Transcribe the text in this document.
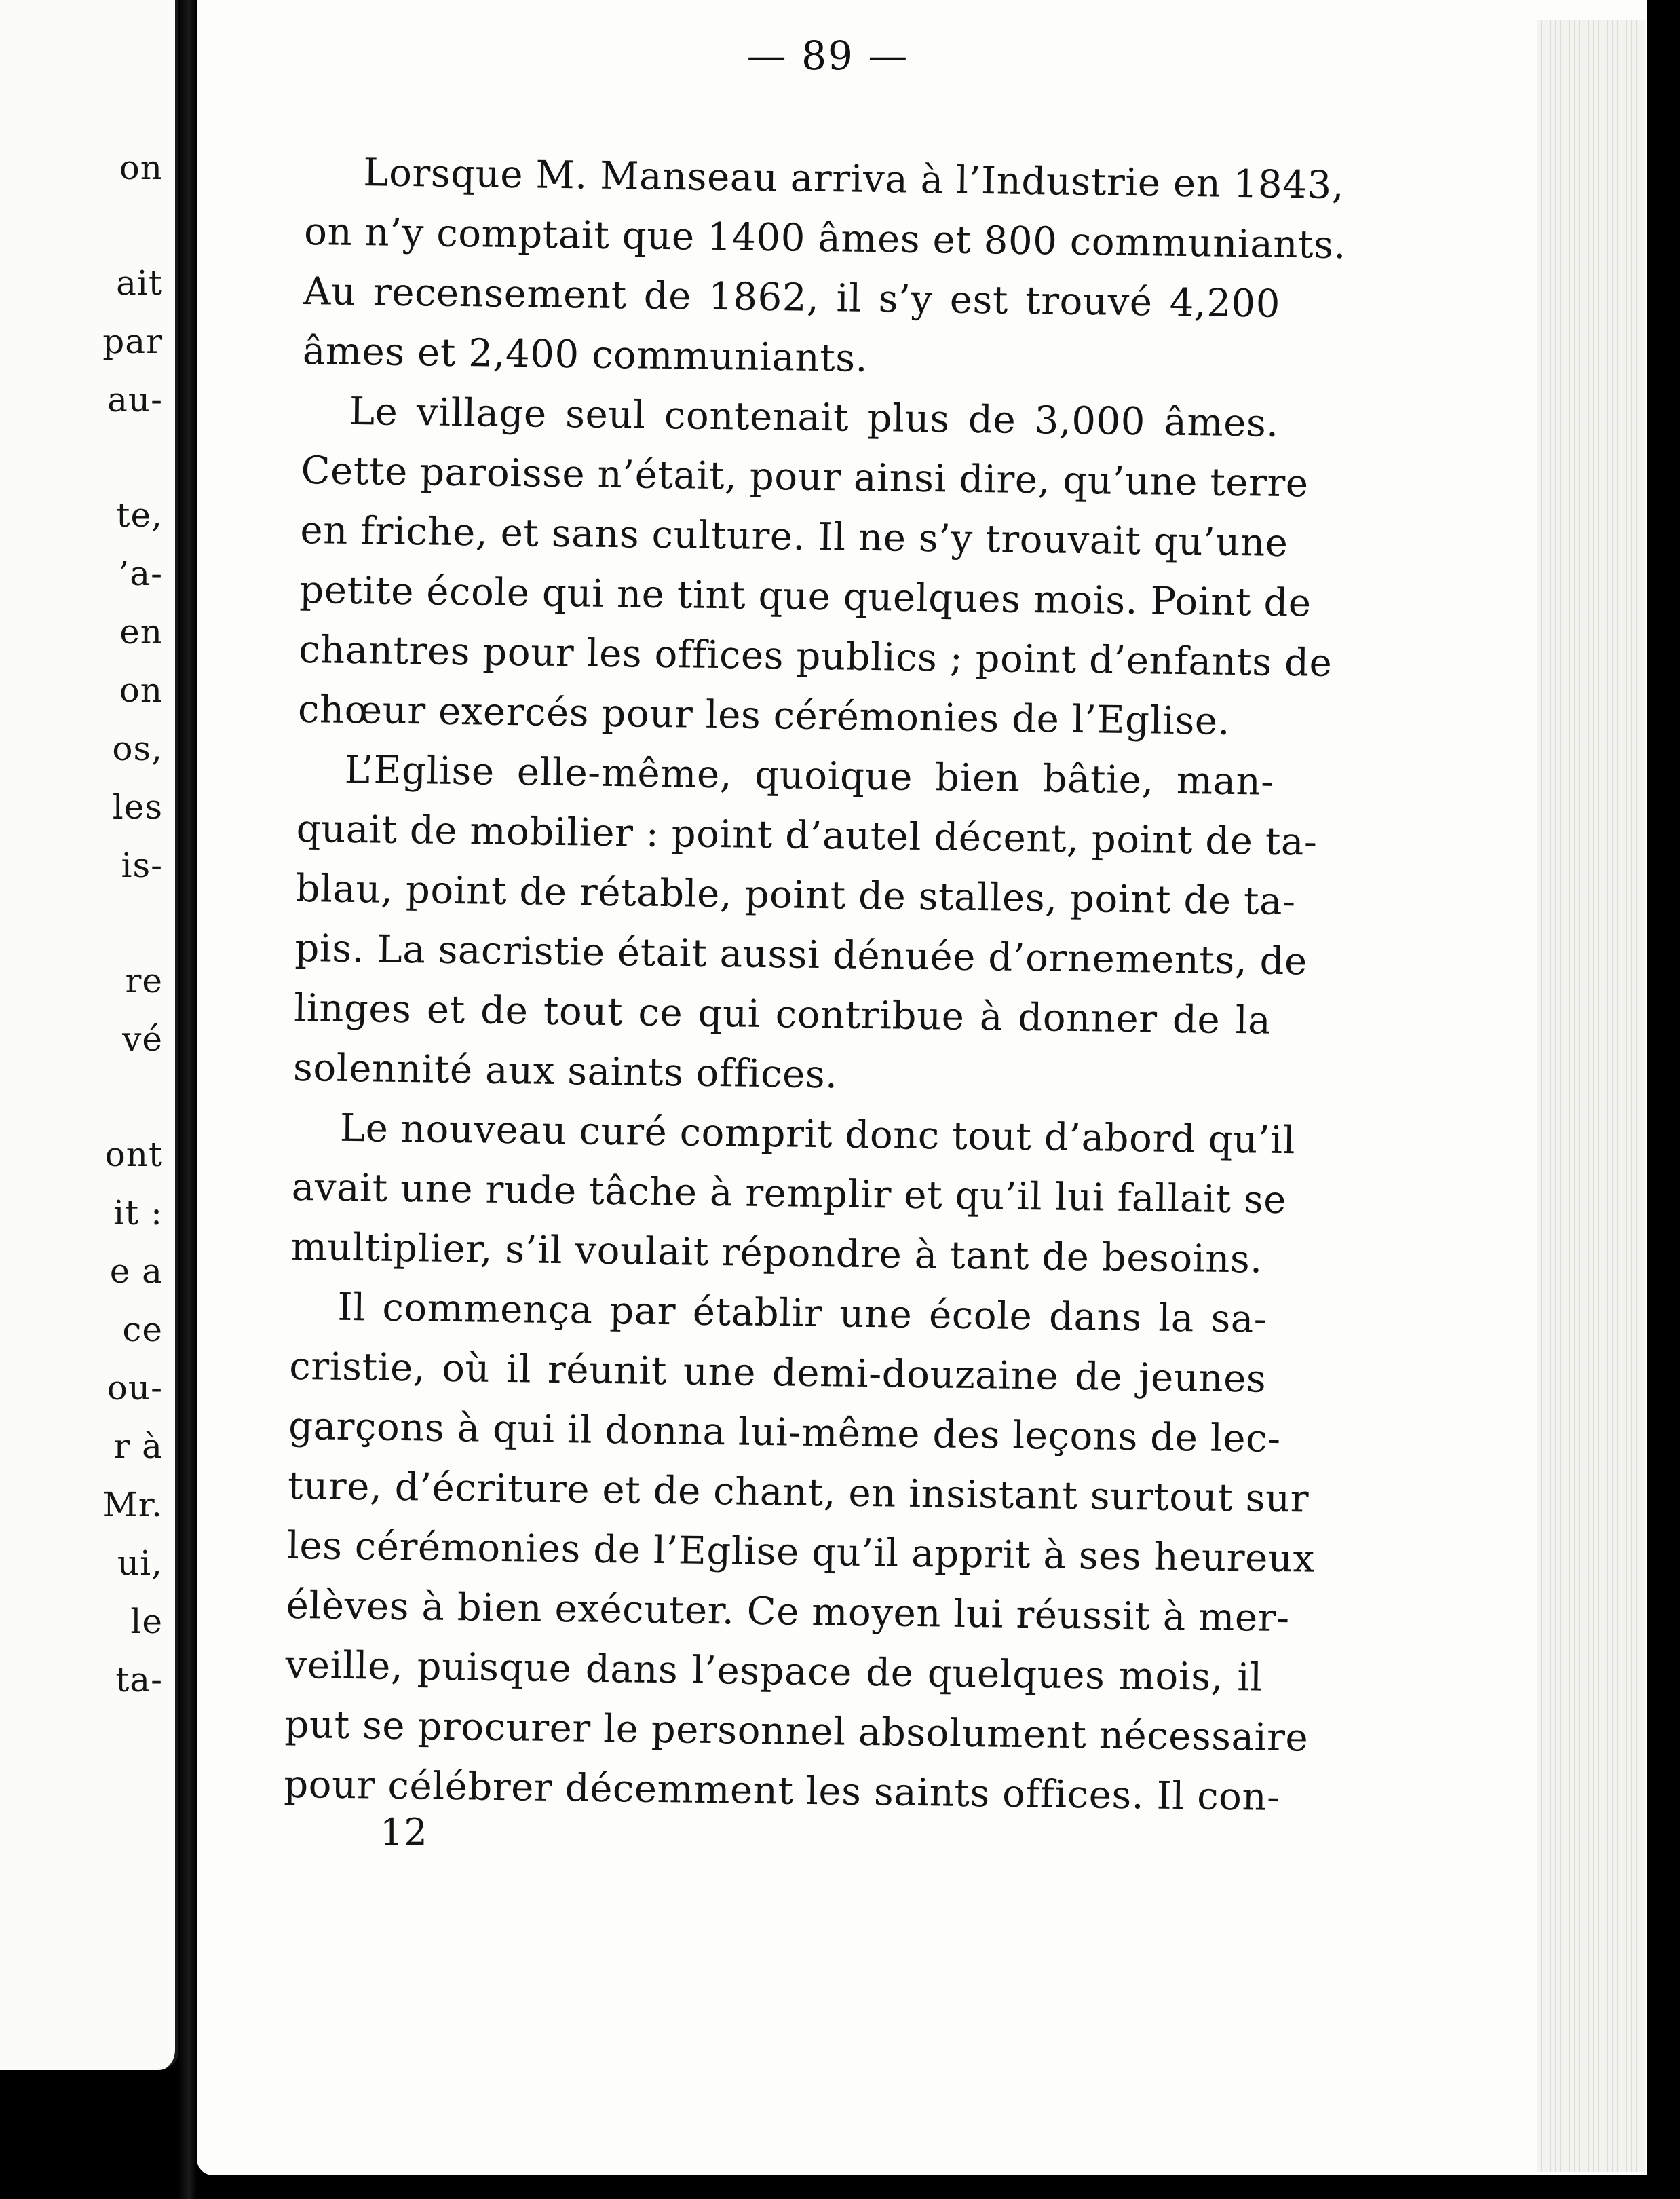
on
ait
par
au-
te,
’a-
en
on
os,
les
is-
re
vé
ont
it :
e a
ce
ou-
r à
Mr.
ui,
le
ta-
— 89 —
Lorsque M. Manseau arriva à l’Industrie en 1843,
on n’y comptait que 1400 âmes et 800 communiants.
Au recensement de 1862, il s’y est trouvé 4,200
âmes et 2,400 communiants.
Le village seul contenait plus de 3,000 âmes.
Cette paroisse n’était, pour ainsi dire, qu’une terre
en friche, et sans culture. Il ne s’y trouvait qu’une
petite école qui ne tint que quelques mois. Point de
chantres pour les offices publics ; point d’enfants de
chœur exercés pour les cérémonies de l’Eglise.
L’Eglise elle-même, quoique bien bâtie, man-
quait de mobilier : point d’autel décent, point de ta-
blau, point de rétable, point de stalles, point de ta-
pis. La sacristie était aussi dénuée d’ornements, de
linges et de tout ce qui contribue à donner de la
solennité aux saints offices.
Le nouveau curé comprit donc tout d’abord qu’il
avait une rude tâche à remplir et qu’il lui fallait se
multiplier, s’il voulait répondre à tant de besoins.
Il commença par établir une école dans la sa-
cristie, où il réunit une demi-douzaine de jeunes
garçons à qui il donna lui-même des leçons de lec-
ture, d’écriture et de chant, en insistant surtout sur
les cérémonies de l’Eglise qu’il apprit à ses heureux
élèves à bien exécuter. Ce moyen lui réussit à mer-
veille, puisque dans l’espace de quelques mois, il
put se procurer le personnel absolument nécessaire
pour célébrer décemment les saints offices. Il con-
12
